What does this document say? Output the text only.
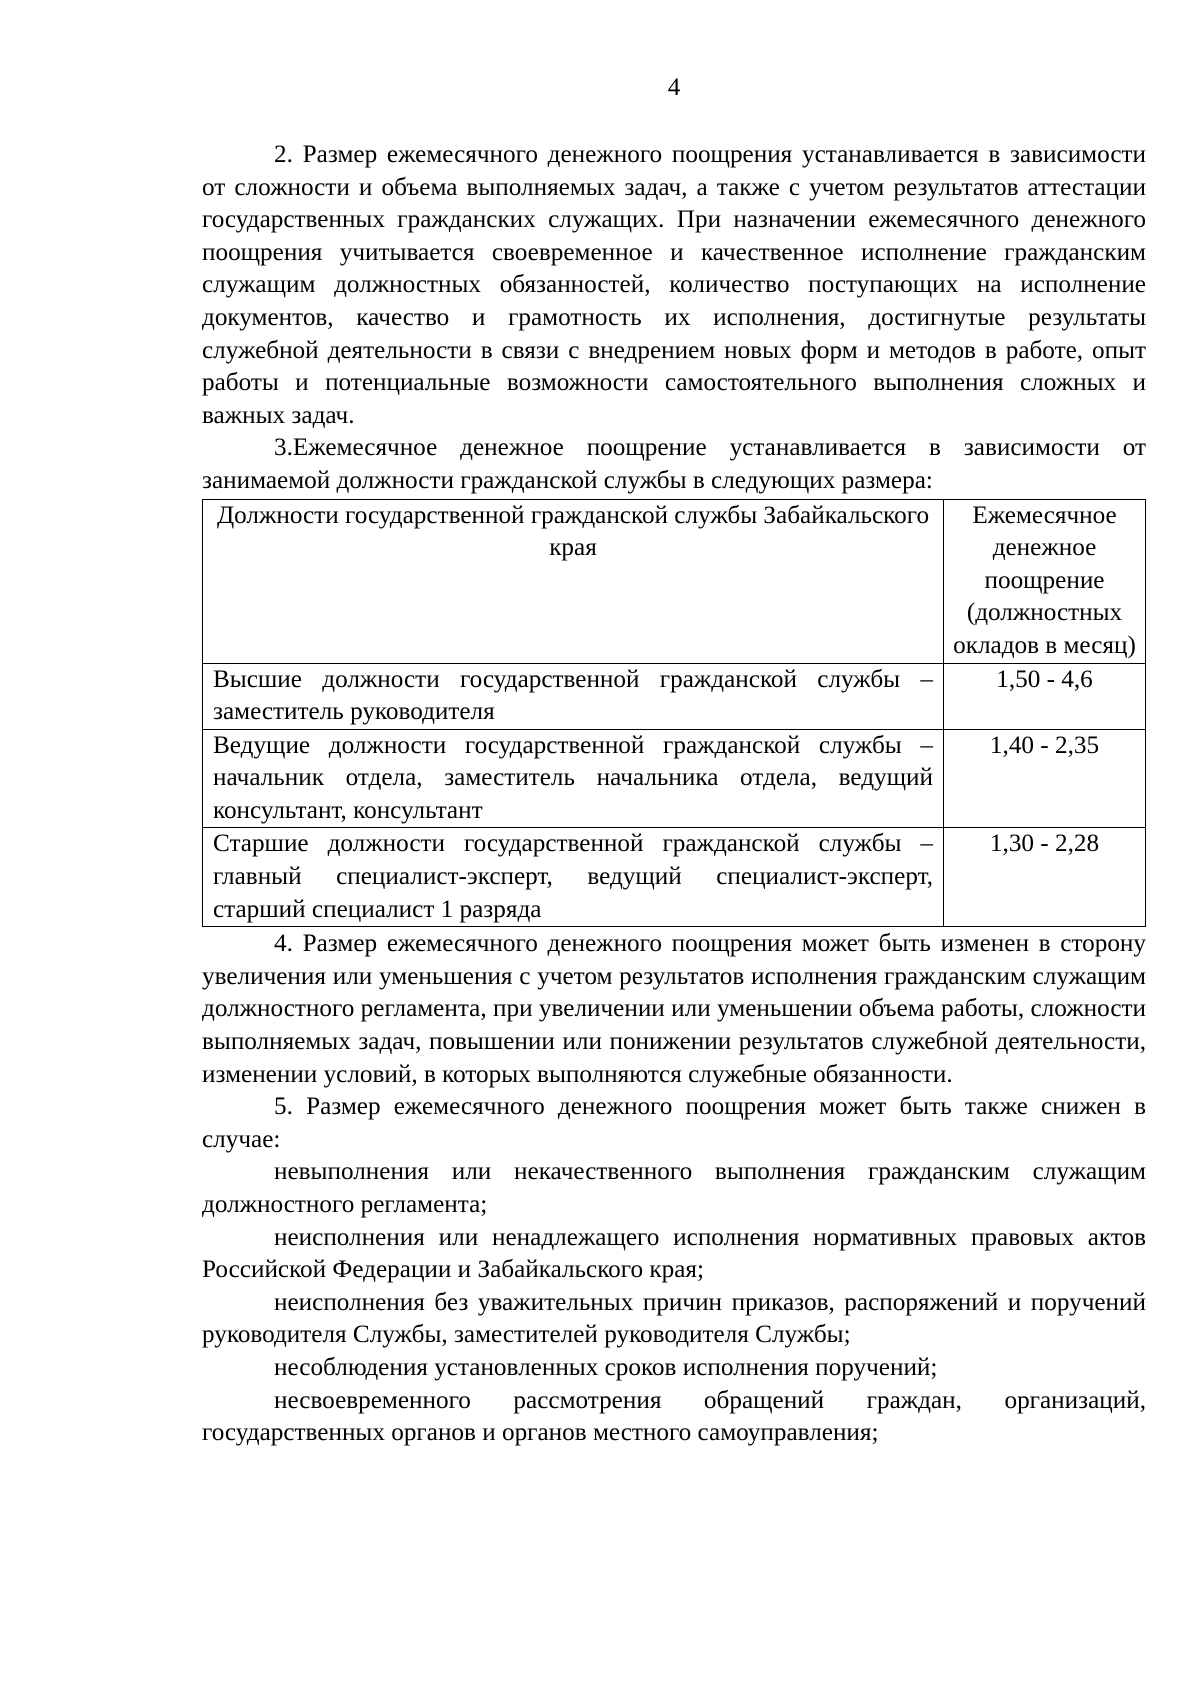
4

2. Размер ежемесячного денежного поощрения устанавливается в зависимости от сложности и объема выполняемых задач, а также с учетом результатов аттестации государственных гражданских служащих. При назначении ежемесячного денежного поощрения учитывается своевременное и качественное исполнение гражданским служащим должностных обязанностей, количество поступающих на исполнение документов, качество и грамотность их исполнения, достигнутые результаты служебной деятельности в связи с внедрением новых форм и методов в работе, опыт работы и потенциальные возможности самостоятельного выполнения сложных и важных задач.

3.Ежемесячное денежное поощрение устанавливается в зависимости от занимаемой должности гражданской службы в следующих размера:

Должности государственной гражданской службы Забайкальского края	Ежемесячное денежное поощрение (должностных окладов в месяц)
Высшие должности государственной гражданской службы – заместитель руководителя	1,50 - 4,6
Ведущие должности государственной гражданской службы – начальник отдела, заместитель начальника отдела, ведущий консультант, консультант	1,40 - 2,35
Старшие должности государственной гражданской службы – главный специалист-эксперт, ведущий специалист-эксперт, старший специалист 1 разряда	1,30 - 2,28

4. Размер ежемесячного денежного поощрения может быть изменен в сторону увеличения или уменьшения с учетом результатов исполнения гражданским служащим должностного регламента, при увеличении или уменьшении объема работы, сложности выполняемых задач, повышении или понижении результатов служебной деятельности, изменении условий, в которых выполняются служебные обязанности.

5. Размер ежемесячного денежного поощрения может быть также снижен в случае:

невыполнения или некачественного выполнения гражданским служащим должностного регламента;

неисполнения или ненадлежащего исполнения нормативных правовых актов Российской Федерации и Забайкальского края;

неисполнения без уважительных причин приказов, распоряжений и поручений руководителя Службы, заместителей руководителя Службы;

несоблюдения установленных сроков исполнения поручений;

несвоевременного рассмотрения обращений граждан, организаций, государственных органов и органов местного самоуправления;
